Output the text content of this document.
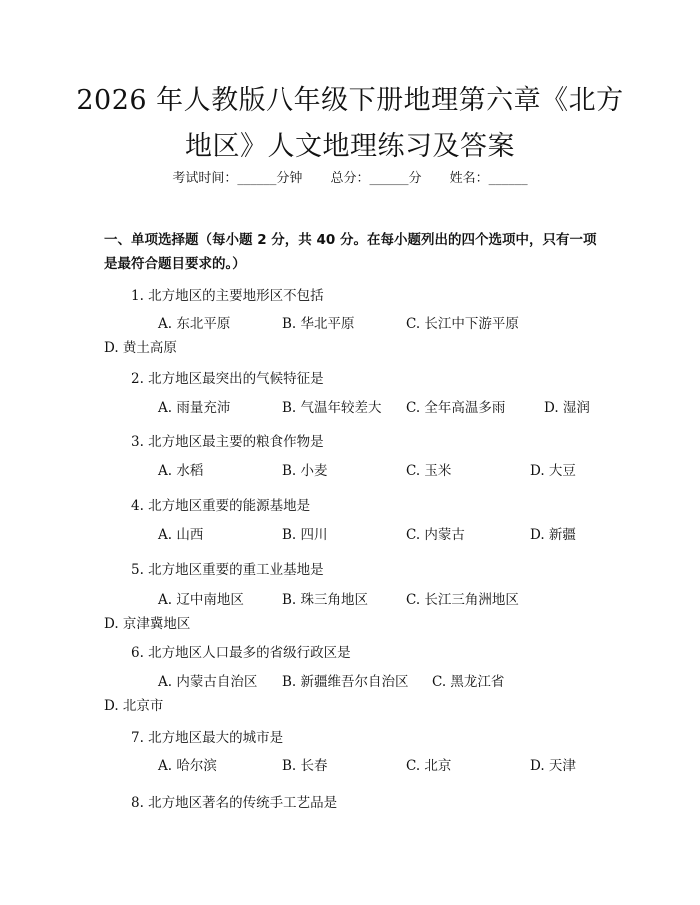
2026 年人教版八年级下册地理第六章《北方
地区》人文地理练习及答案
考试时间：______分钟 总分：______分 姓名：______
一、单项选择题（每小题 2 分，共 40 分。在每小题列出的四个选项中，只有一项是最符合题目要求的。）
1. 北方地区的主要地形区不包括
A. 东北平原	B. 华北平原	C. 长江中下游平原D. 黄土高原
2. 北方地区最突出的气候特征是
A. 雨量充沛	B. 气温年较差大 C. 全年高温多雨	D. 湿润
3. 北方地区最主要的粮食作物是
A. 水稻	B. 小麦	C. 玉米	D. 大豆
4. 北方地区重要的能源基地是
A. 山西	B. 四川	C. 内蒙古	D. 新疆
5. 北方地区重要的重工业基地是
A. 辽中南地区	B. 珠三角地区	C. 长江三角洲地区D. 京津冀地区
6. 北方地区人口最多的省级行政区是
A. 内蒙古自治区 B. 新疆维吾尔自治区 C. 黑龙江省D. 北京市
7. 北方地区最大的城市是
A. 哈尔滨	B. 长春	C. 北京	D. 天津
8. 北方地区著名的传统手工艺品是
